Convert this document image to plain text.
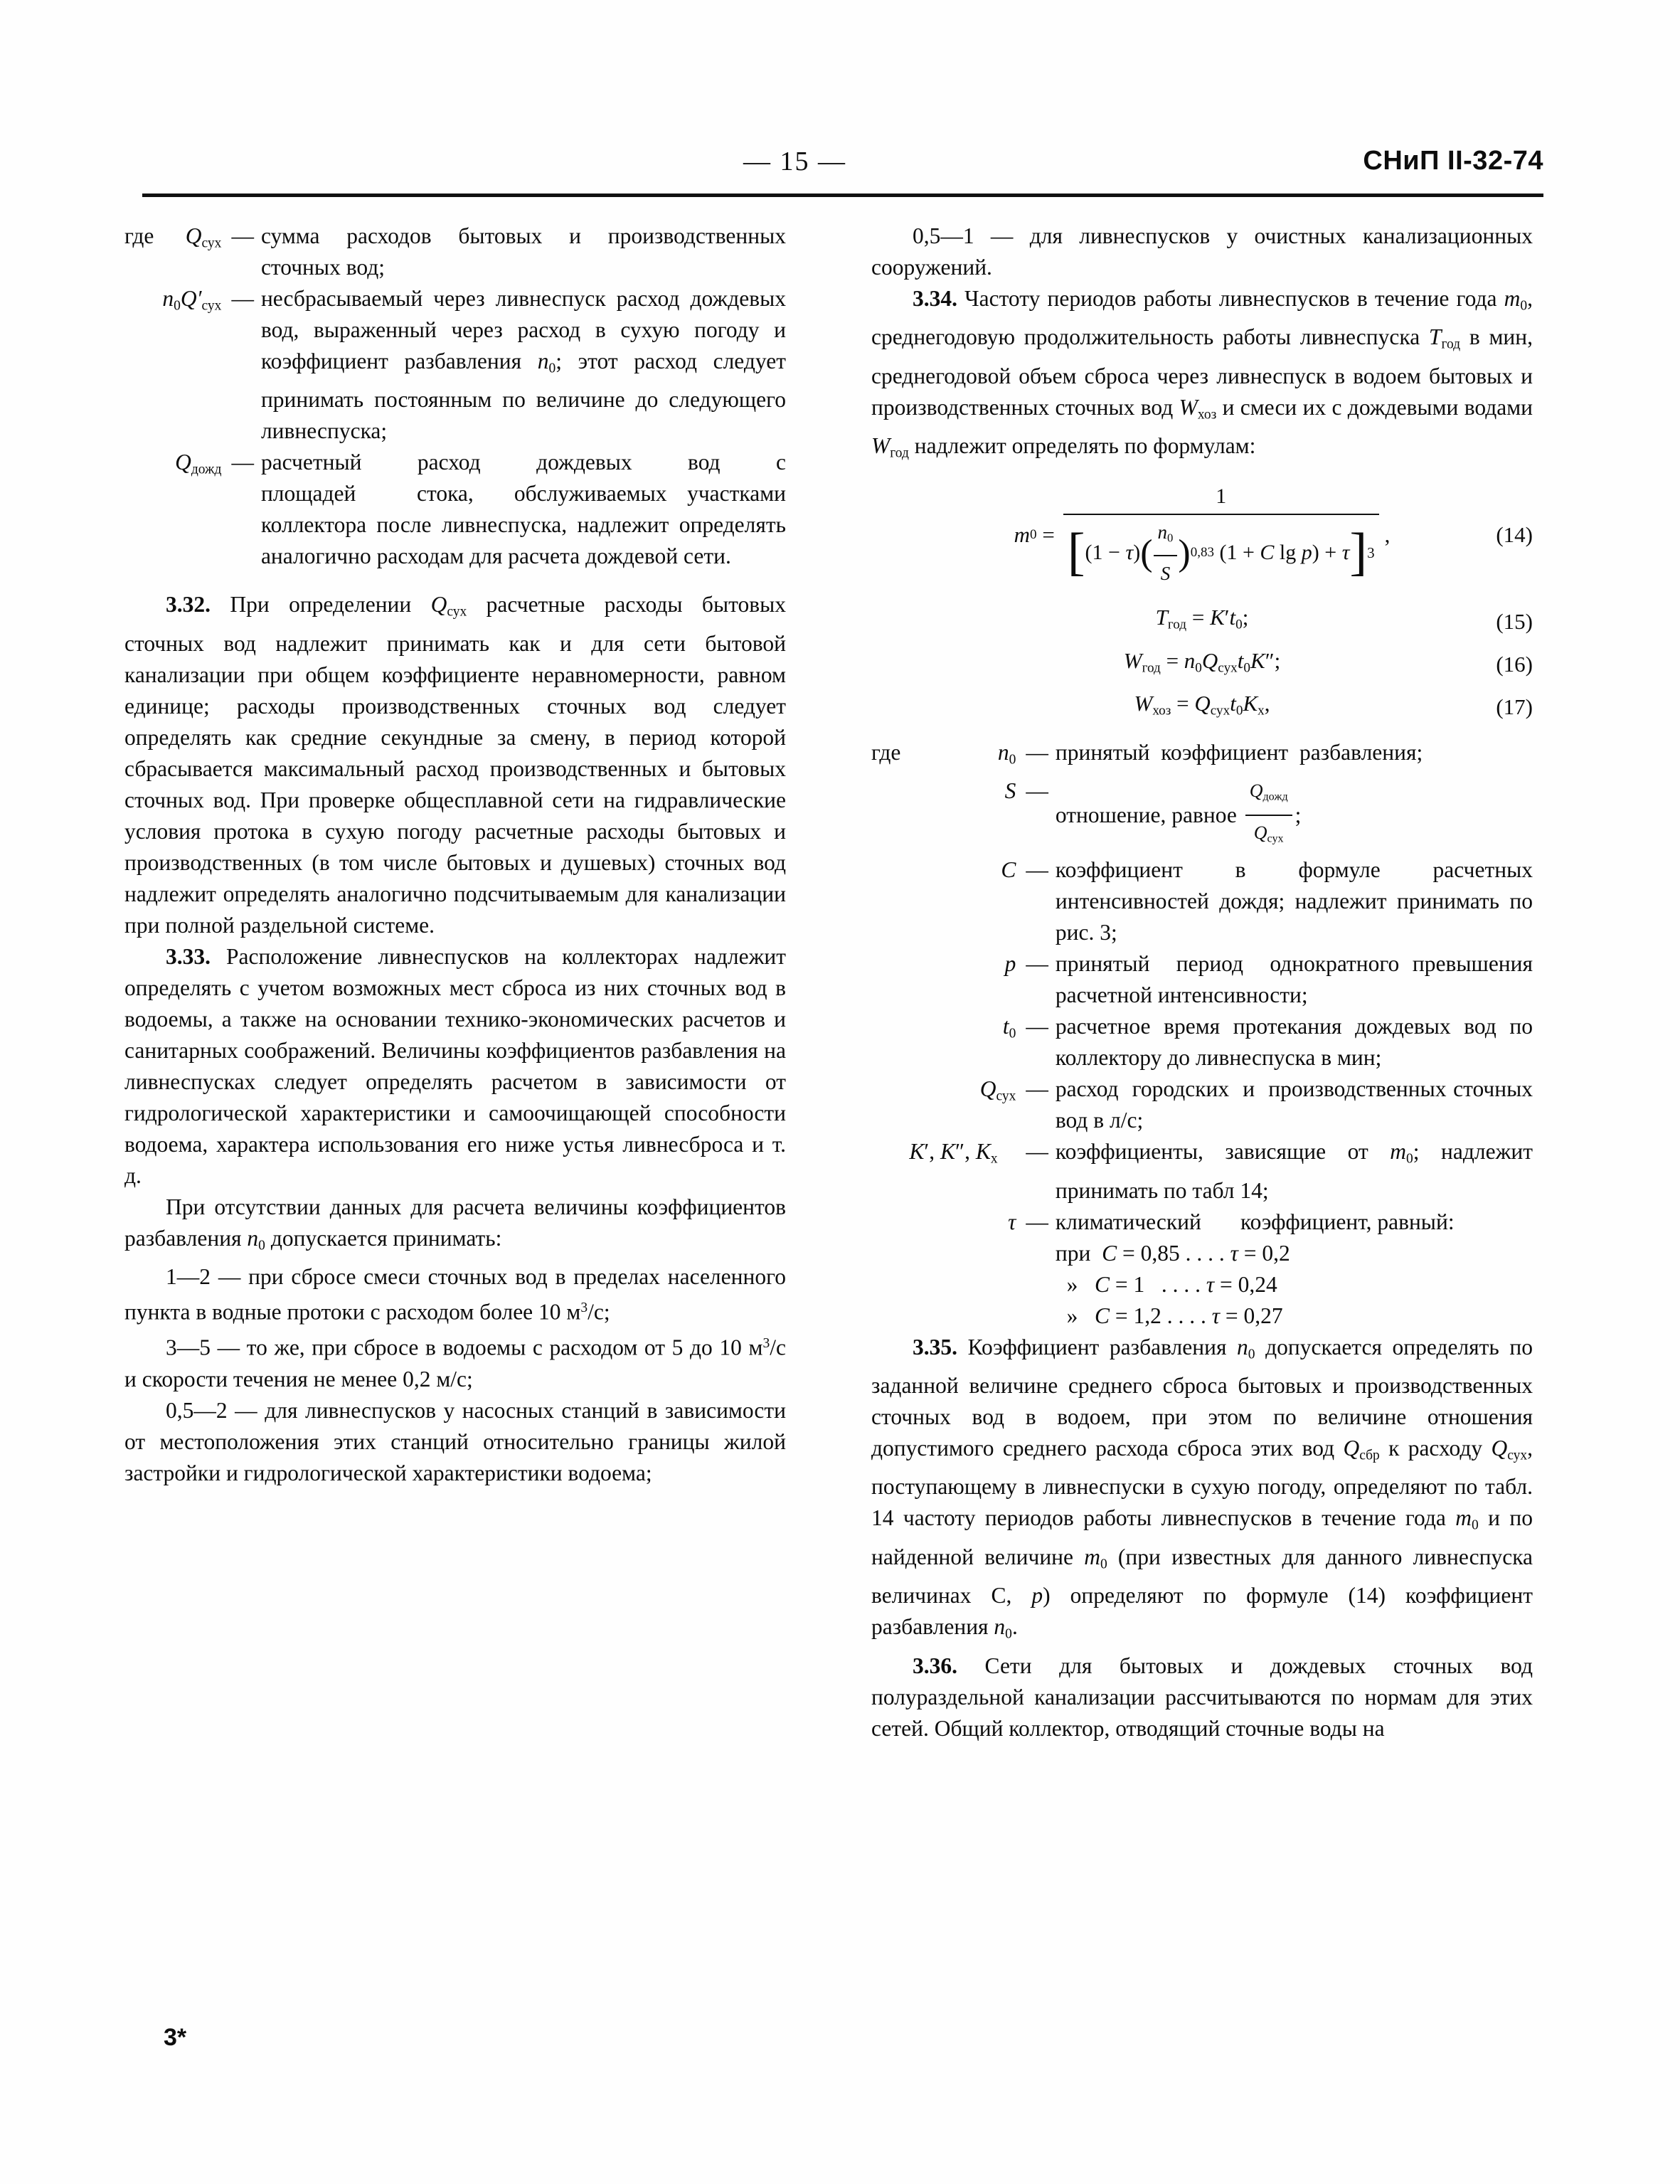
— 15 —	СНиП II-32-74
где	$Q_{сух}$	—	сумма  расходов  бытовых  и  производственных сточных вод;
	$n_0Q'_{сух}$	—	несбрасываемый через ливнеспуск расход дождевых вод, выраженный через расход в сухую погоду и коэффициент разбавления $n_0$; этот расход следует принимать постоянным по величине до следующего ливнеспуска;
	$Q_{дожд}$	—	расчетный расход дождевых вод с площадей   стока,  обслуживаемых участками коллектора после ливнеспуска, надлежит определять аналогично расходам для расчета дождевой сети.

3.32. При определении $Q_{сух}$ расчетные расходы бытовых сточных вод надлежит принимать как и для сети бытовой канализации при общем коэффициенте неравномерности, равном единице; расходы производственных сточных вод следует определять как средние секундные за смену, в период которой сбрасывается максимальный расход производственных и бытовых сточных вод. При проверке общесплавной сети на гидравлические условия протока в сухую погоду расчетные расходы бытовых и производственных (в том числе бытовых и душевых) сточных вод надлежит определять аналогично подсчитываемым для канализации при полной раздельной системе.

3.33. Расположение ливнеспусков на коллекторах надлежит определять с учетом возможных мест сброса из них сточных вод в водоемы, а также на основании технико-экономических расчетов и санитарных соображений. Величины коэффициентов разбавления на ливнеспусках следует определять расчетом в зависимости от гидрологической характеристики и самоочищающей способности водоема, характера использования его ниже устья ливнесброса и т. д.

При отсутствии данных для расчета величины коэффициентов разбавления $n_0$ допускается принимать:

1—2 — при сбросе смеси сточных вод в пределах населенного пункта в водные протоки с расходом более 10 $м^3/с$;

3—5 — то же, при сбросе в водоемы с расходом от 5 до 10 $м^3/с$ и скорости течения не менее 0,2 м/с;

0,5—2 — для ливнеспусков у насосных станций в зависимости от местоположения этих станций относительно границы жилой застройки и гидрологической характеристики водоема;

3*

0,5—1 — для ливнеспусков у очистных канализационных сооружений.

3.34. Частоту периодов работы ливнеспусков в течение года $m_0$, среднегодовую продолжительность работы ливнеспуска $T_{год}$ в мин, среднегодовой объем сброса через ливнеспуск в водоем бытовых и производственных сточных вод $W_{хоз}$ и смеси их с дождевыми водами $W_{год}$ надлежит определять по формулам:

m 0 =
1
[ (1 − τ) ( $\frac{n_0}{S}$ ) 0,83 (1 + C lg p) + τ ] 3
,	(14)
$T_{год} = K't_0$;	(15)
$W_{год} = n_0Q_{сух}t_0K''$;	(16)
$W_{хоз} = Q_{сух}t_0K_х$,	(17)
где	$n_0$	—	принятый  коэффициент  разбавления;
	S	—	отношение, равное $\frac{Q_{дожд}}{Q_{сух}}$ ;

	C	—	коэффициент в формуле расчетных интенсивностей дождя; надлежит принимать по рис. 3;
	p	—	принятый  период  однократного превышения расчетной интенсивности;
	$t_0$	—	расчетное время протекания дождевых вод по коллектору до ливнеспуска в мин;
	$Q_{сух}$	—	расход  городских  и  производственных сточных вод в л/с;
	K′, K″, $K_х$	—	коэффициенты, зависящие от $m_0$; надлежит принимать по табл 14;
	τ	—	климатический       коэффициент, равный:

при  C = 0,85 . . . . τ = 0,2
»   C = 1   . . . . τ = 0,24
»   C = 1,2 . . . . τ = 0,27

3.35. Коэффициент разбавления $n_0$ допускается определять по заданной величине среднего сброса бытовых и производственных сточных вод в водоем, при этом по величине отношения допустимого среднего расхода сброса этих вод $Q_{сбр}$ к расходу $Q_{сух}$, поступающему в ливнеспуски в сухую погоду, определяют по табл. 14 частоту периодов работы ливнеспусков в течение года $m_0$ и по найденной величине $m_0$ (при известных для данного ливнеспуска величинах C, p) определяют по формуле (14) коэффициент разбавления $n_0$.

3.36. Сети для бытовых и дождевых сточных вод полураздельной канализации рассчитываются по нормам для этих сетей. Общий коллектор, отводящий сточные воды на
